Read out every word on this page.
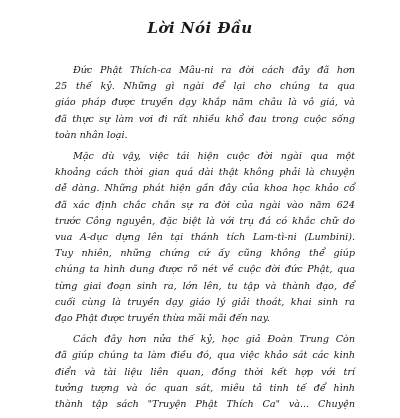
Lời Nói Đầu
Đức Phật Thích-ca Mâu-ni ra đời cách đây đã hơn
25 thế kỷ. Những gì ngài để lại cho chúng ta qua
giáo pháp được truyền dạy khắp năm châu là vô giá, và
đã thực sự làm vơi đi rất nhiều khổ đau trong cuộc sống
toàn nhân loại.
Mặc dù vậy, việc tái hiện cuộc đời ngài qua một
khoảng cách thời gian quá dài thật không phải là chuyện
dễ dàng. Những phát hiện gần đây của khoa học khảo cổ
đã xác định chắc chắn sự ra đời của ngài vào năm 624
trước Công nguyên, đặc biệt là với trụ đá có khắc chữ do
vua A-dục dựng lên tại thánh tích Lam-tì-ni (Lumbini).
Tuy nhiên, những chứng cứ ấy cũng không thể giúp
chúng ta hình dung được rõ nét về cuộc đời đức Phật, qua
từng giai đoạn sinh ra, lớn lên, tu tập và thành đạo, để
cuối cùng là truyền dạy giáo lý giải thoát, khai sinh ra
đạo Phật được truyền thừa mãi mãi đến nay.
Cách đây hơn nửa thế kỷ, học giả Đoàn Trung Còn
đã giúp chúng ta làm điều đó, qua việc khảo sát các kinh
điển và tài liệu liên quan, đồng thời kết hợp với trí
tưởng tượng và óc quan sát, miêu tả tinh tế để hình
thành tập sách "Truyện Phật Thích Ca" và... Chuyện
